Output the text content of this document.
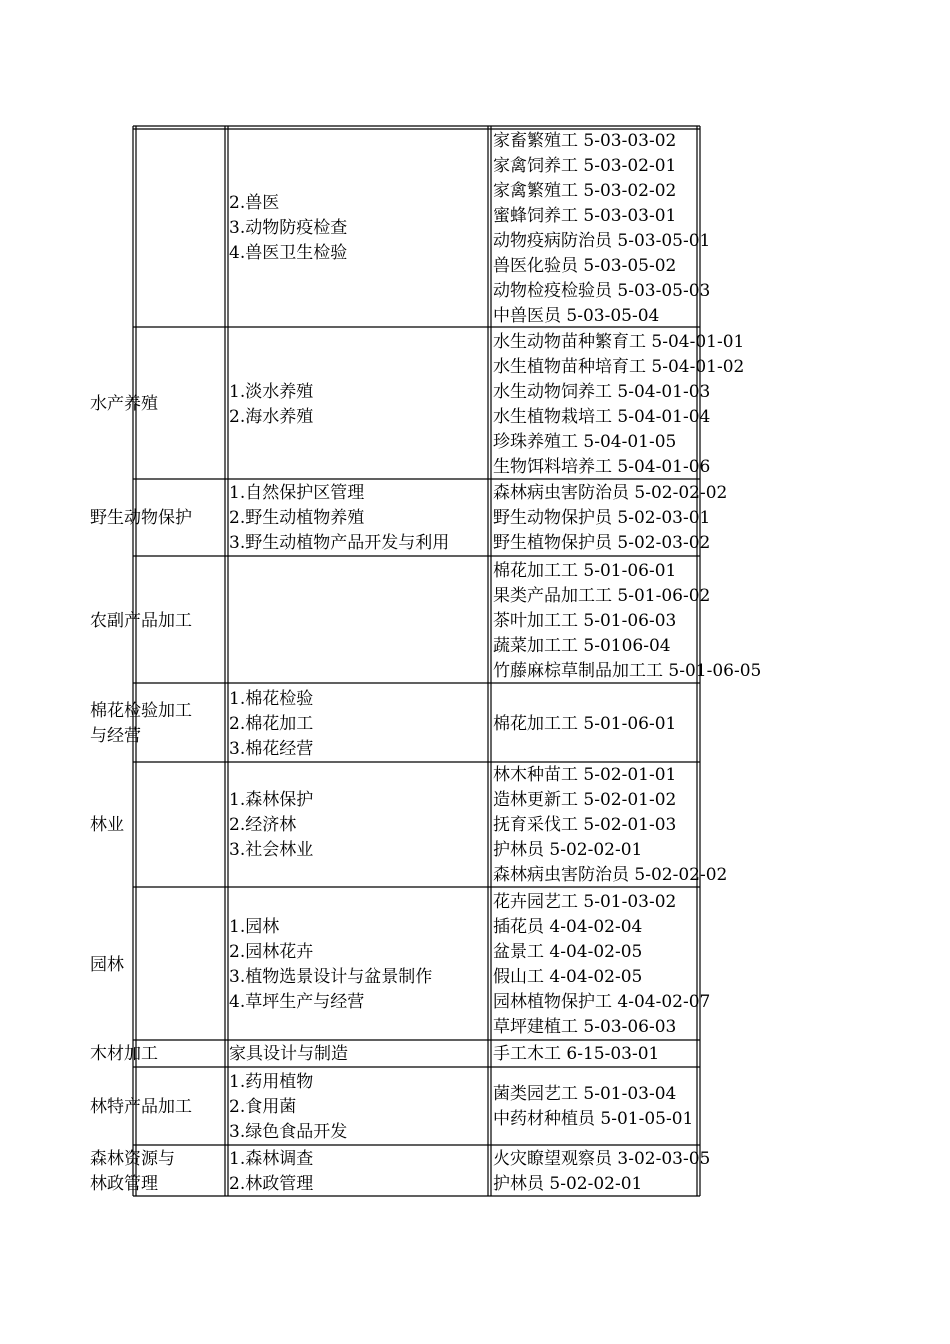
2.兽医
3.动物防疫检查
4.兽医卫生检验
家畜繁殖工 5-03-03-02
家禽饲养工 5-03-02-01
家禽繁殖工 5-03-02-02
蜜蜂饲养工 5-03-03-01
动物疫病防治员 5-03-05-01
兽医化验员 5-03-05-02
动物检疫检验员 5-03-05-03
中兽医员 5-03-05-04
水产养殖
1.淡水养殖
2.海水养殖
水生动物苗种繁育工 5-04-01-01
水生植物苗种培育工 5-04-01-02
水生动物饲养工 5-04-01-03
水生植物栽培工 5-04-01-04
珍珠养殖工 5-04-01-05
生物饵料培养工 5-04-01-06
野生动物保护
1.自然保护区管理
2.野生动植物养殖
3.野生动植物产品开发与利用
森林病虫害防治员 5-02-02-02
野生动物保护员 5-02-03-01
野生植物保护员 5-02-03-02
农副产品加工
棉花加工工 5-01-06-01
果类产品加工工 5-01-06-02
茶叶加工工 5-01-06-03
蔬菜加工工 5-0106-04
竹藤麻棕草制品加工工 5-01-06-05
棉花检验加工
与经营
1.棉花检验
2.棉花加工
3.棉花经营
棉花加工工 5-01-06-01
林业
1.森林保护
2.经济林
3.社会林业
林木种苗工 5-02-01-01
造林更新工 5-02-01-02
抚育采伐工 5-02-01-03
护林员 5-02-02-01
森林病虫害防治员 5-02-02-02
园林
1.园林
2.园林花卉
3.植物选景设计与盆景制作
4.草坪生产与经营
花卉园艺工 5-01-03-02
插花员 4-04-02-04
盆景工 4-04-02-05
假山工 4-04-02-05
园林植物保护工 4-04-02-07
草坪建植工 5-03-06-03
木材加工	家具设计与制造	手工木工 6-15-03-01
林特产品加工
1.药用植物
2.食用菌
3.绿色食品开发
菌类园艺工 5-01-03-04
中药材种植员 5-01-05-01
森林资源与
林政管理
1.森林调查
2.林政管理
火灾瞭望观察员 3-02-03-05
护林员 5-02-02-01
